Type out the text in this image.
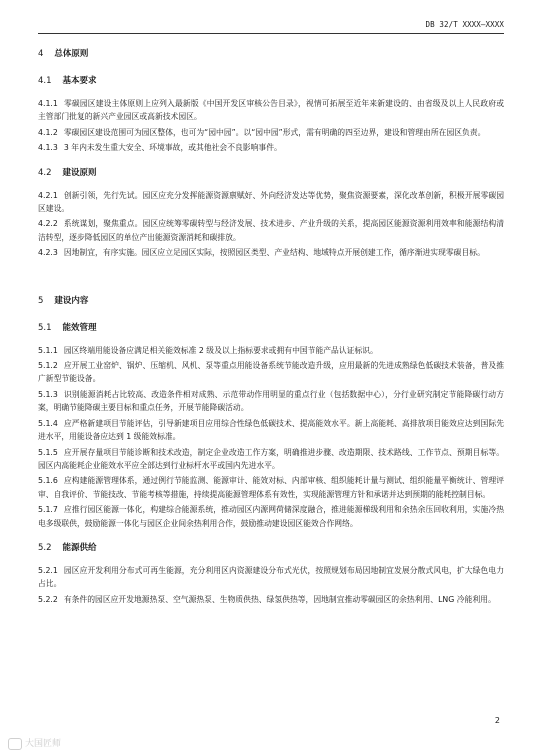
DB 32/T XXXX—XXXX
4 总体原则
4.1 基本要求

4.1.1 零碳园区建设主体原则上应列入最新版《中国开发区审核公告目录》，视情可拓展至近年来新建设的、由省级及以上人民政府或主管部门批复的新兴产业园区或高新技术园区。

4.1.2 零碳园区建设范围可为园区整体，也可为“园中园”。以“园中园”形式，需有明确的四至边界，建设和管理由所在园区负责。

4.1.3 3 年内未发生重大安全、环境事故，或其他社会不良影响事件。

4.2 建设原则

4.2.1 创新引领，先行先试。园区应充分发挥能源资源禀赋好、外向经济发达等优势，聚焦资源要素，深化改革创新，积极开展零碳园区建设。

4.2.2 系统谋划，聚焦重点。园区应统筹零碳转型与经济发展、技术进步、产业升级的关系，提高园区能源资源利用效率和能源结构清洁转型，逐步降低园区的单位产出能源资源消耗和碳排放。

4.2.3 因地制宜，有序实施。园区应立足园区实际，按照园区类型、产业结构、地域特点开展创建工作，循序渐进实现零碳目标。

5 建设内容
5.1 能效管理

5.1.1 园区终端用能设备应满足相关能效标准 2 级及以上指标要求或拥有中国节能产品认证标识。

5.1.2 应开展工业窑炉、锅炉、压缩机、风机、泵等重点用能设备系统节能改造升级，应用最新的先进成熟绿色低碳技术装备，普及推广新型节能设备。

5.1.3 识别能源消耗占比较高、改造条件相对成熟、示范带动作用明显的重点行业（包括数据中心），分行业研究制定节能降碳行动方案，明确节能降碳主要目标和重点任务，开展节能降碳活动。

5.1.4 应严格新建项目节能评估，引导新建项目应用综合性绿色低碳技术、提高能效水平。新上高能耗、高排放项目能效应达到国际先进水平，用能设备应达到 1 级能效标准。

5.1.5 应开展存量项目节能诊断和技术改造，制定企业改造工作方案，明确推进步骤、改造期限、技术路线、工作节点、预期目标等。园区内高能耗企业能效水平应全部达到行业标杆水平或国内先进水平。

5.1.6 应构建能源管理体系，通过例行节能监测、能源审计、能效对标、内部审核、组织能耗计量与测试、组织能量平衡统计、管理评审、自我评价、节能技改、节能考核等措施，持续提高能源管理体系有效性，实现能源管理方针和承诺并达到预期的能耗控制目标。

5.1.7 应推行园区能源一体化，构建综合能源系统，推动园区内源网荷储深度融合，推进能源梯级利用和余热余压回收利用，实施冷热电多级联供，鼓励能源一体化与园区企业间余热利用合作，鼓励推动建设园区能效合作网络。

5.2 能源供给

5.2.1 园区应开发利用分布式可再生能源，充分利用区内资源建设分布式光伏，按照规划布局因地制宜发展分散式风电，扩大绿色电力占比。

5.2.2 有条件的园区应开发地源热泵、空气源热泵、生物质供热、绿氢供热等，因地制宜推动零碳园区的余热利用、LNG 冷能利用。

2
大国匠师
